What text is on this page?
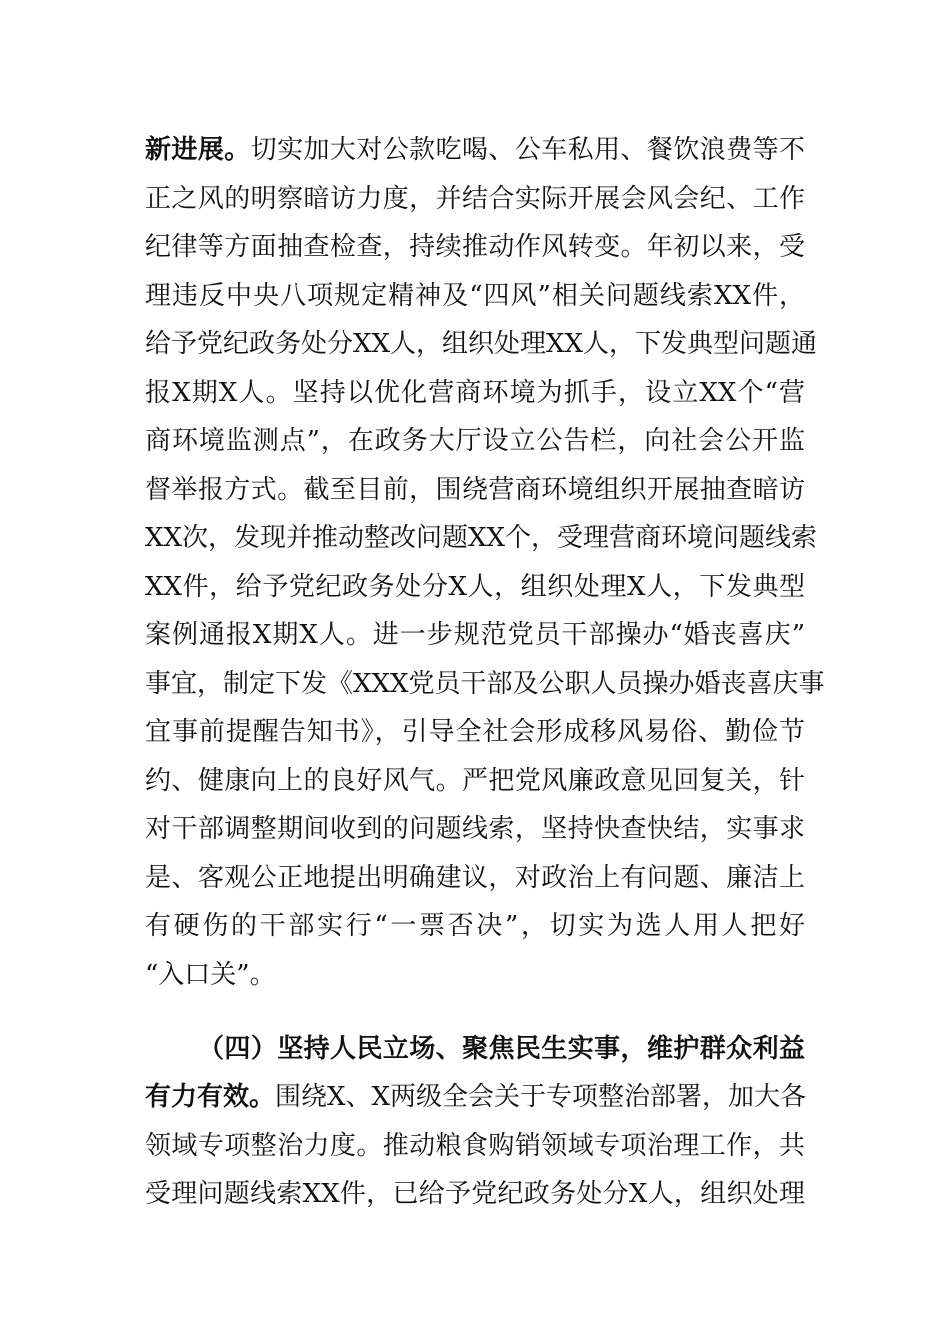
新进展。切实加大对公款吃喝、公车私用、餐饮浪费等不
正之风的明察暗访力度，并结合实际开展会风会纪、工作
纪律等方面抽查检查，持续推动作风转变。年初以来，受
理违反中央八项规定精神及“四风”相关问题线索XX件，
给予党纪政务处分XX人，组织处理XX人，下发典型问题通
报X期X人。坚持以优化营商环境为抓手，设立XX个“营
商环境监测点”，在政务大厅设立公告栏，向社会公开监
督举报方式。截至目前，围绕营商环境组织开展抽查暗访
XX次，发现并推动整改问题XX个，受理营商环境问题线索
XX件，给予党纪政务处分X人，组织处理X人，下发典型
案例通报X期X人。进一步规范党员干部操办“婚丧喜庆”
事宜，制定下发《XXX党员干部及公职人员操办婚丧喜庆事
宜事前提醒告知书》，引导全社会形成移风易俗、勤俭节
约、健康向上的良好风气。严把党风廉政意见回复关，针
对干部调整期间收到的问题线索，坚持快查快结，实事求
是、客观公正地提出明确建议，对政治上有问题、廉洁上
有硬伤的干部实行“一票否决”，切实为选人用人把好
“入口关”。
（四）坚持人民立场、聚焦民生实事，维护群众利益
有力有效。围绕X、X两级全会关于专项整治部署，加大各
领域专项整治力度。推动粮食购销领域专项治理工作，共
受理问题线索XX件，已给予党纪政务处分X人，组织处理
